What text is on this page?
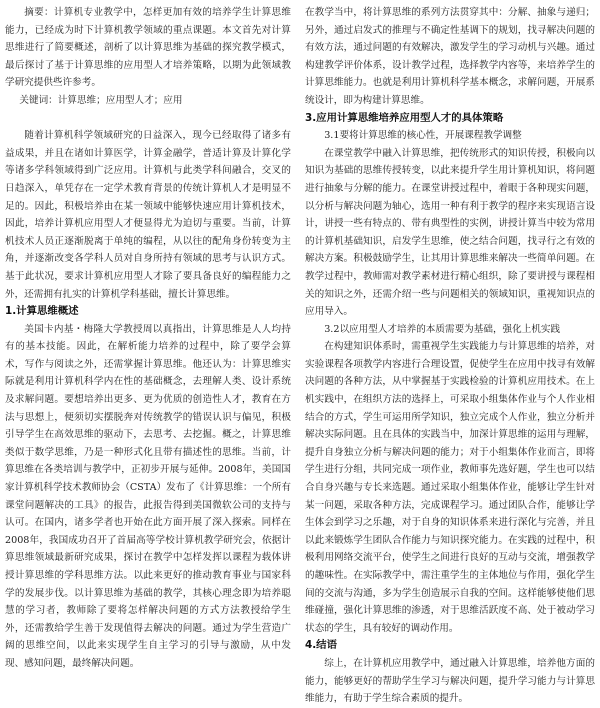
摘要：计算机专业教学中，怎样更加有效的培养学生计算思维能力，已经成为时下计算机教学领域的重点课题。本文首先对计算思维进行了简要概述，剖析了以计算思维为基础的探究教学模式，最后探讨了基于计算思维的应用型人才培养策略，以期为此领域教学研究提供些许参考。

关键词：计算思维；应用型人才；应用

随着计算机科学领域研究的日益深入，现今已经取得了诸多有益成果，并且在诸如计算医学，计算金融学，普适计算及计算化学等诸多学科领域得到广泛应用。计算机与此类学科间融合，交叉的日趋深入，单凭存在一定学术教育背景的传统计算机人才是明显不足的。因此，积极培养由在某一领域中能够快速应用计算机技术，因此，培养计算机应用型人才便显得尤为迫切与重要。当前，计算机技术人员正逐渐脱离于单纯的编程，从以往的配角身份转变为主角，并逐渐改变各学科人员对自身所持有领域的思考与认识方式。基于此状况，要求计算机应用型人才除了要具备良好的编程能力之外，还需拥有扎实的计算机学科基础，擅长计算思维。

1.计算思维概述

美国卡内基・梅隆大学教授周以真指出，计算思维是人人均持有的基本技能。因此，在解析能力培养的过程中，除了要学会算术，写作与阅读之外，还需掌握计算思维。他还认为：计算思维实际就是利用计算机科学内在性的基础概念，去理解人类、设计系统及求解问题。要想培养出更多、更为优质的创造性人才，教育在方法与思想上，便须切实摆脱奔对传统教学的错误认识与偏见，积极引导学生在高效思维的驱动下，去思考、去挖掘。概之，计算思维类似于数学思维，乃是一种形式化且带有描述性的思维。当前，计算思维在各类培训与教学中，正初步开展与延伸。2008年，美国国家计算机科学技术教师协会（CSTA）发布了《计算思维：一个所有课堂问题解决的工具》的报告，此报告得到美国微软公司的支持与认可。在国内，诸多学者也开始在此方面开展了深入探索。同样在2008年，我国成功召开了首届高等学校计算机教学研究会，依据计算思维领域最新研究成果，探讨在教学中怎样发挥以课程为载体讲授计算思维的学科思维方法。以此来更好的推动教育事业与国家科学的发展步伐。以计算思维为基础的教学，其核心理念即为培养聪慧的学习者，教师除了要将怎样解决问题的方式方法教授给学生外，还需教给学生善于发现值得去解决的问题。通过为学生营造广阔的思维空间，以此来实现学生自主学习的引导与激励，从中发现、感知问题，最终解决问题。

在教学当中，将计算思维的系列方法贯穿其中：分解、抽象与递归；另外，通过启发式的推理与不确定性基调下的规划，找寻解决问题的有效方法，通过问题的有效解决，激发学生的学习动机与兴趣。通过构建教学评价体系，设计教学过程，选择教学内容等，来培养学生的计算思维能力。也就是利用计算机科学基本概念，求解问题，开展系统设计，即为构建计算思维。

3.应用计算思维培养应用型人才的具体策略

3.1要将计算思维的核心性，开展课程教学调整

在课堂教学中融入计算思维，把传统形式的知识传授，积极向以知识为基础的思维传授转变，以此来提升学生用计算机知识，将问题进行抽象与分解的能力。在课堂讲授过程中，着眼于各种现实问题，以分析与解决问题为轴心，选用一种有利于教学的程序来实现语言设计，讲授一些有特点的、带有典型性的实例，讲授计算当中较为常用的计算机基础知识，启发学生思维，使之结合问题，找寻行之有效的解决方案。积极鼓励学生，让其用计算思维来解决一些简单问题。在教学过程中，教师需对教学素材进行精心组织，除了要讲授与课程相关的知识之外，还需介绍一些与问题相关的领域知识，重视知识点的应用导入。

3.2以应用型人才培养的本质需要为基础，强化上机实践

在构建知识体系时，需重视学生实践能力与计算思维的培养，对实验课程各项教学内容进行合理设置，促使学生在应用中找寻有效解决问题的各种方法，从中掌握基于实践检验的计算机应用技术。在上机实践中，在组织方法的选择上，可采取小组集体作业与个人作业相结合的方式，学生可运用所学知识，独立完成个人作业，独立分析并解决实际问题。且在具体的实践当中，加深计算思维的运用与理解，提升自身独立分析与解决问题的能力；对于小组集体作业而言，即将学生进行分组，共同完成一项作业，教师事先选好题，学生也可以结合自身兴趣与专长来选题。通过采取小组集体作业，能够让学生针对某一问题，采取各种方法，完成课程学习。通过团队合作，能够让学生体会到学习之乐趣，对于自身的知识体系来进行深化与完善，并且以此来锻炼学生团队合作能力与知识探究能力。在实践的过程中，积极利用网络交流平台，使学生之间进行良好的互动与交流，增强教学的趣味性。在实际教学中，需注重学生的主体地位与作用，强化学生间的交流与沟通，多为学生创造展示自我的空间。这样能够使他们思维碰撞，强化计算思维的渗透，对于思维活跃度不高、处于被动学习状态的学生，具有较好的调动作用。

4.结语

综上，在计算机应用教学中，通过融入计算思维，培养他方面的能力，能够更好的帮助学生学习与解决问题，提升学习能力与计算思维能力，有助于学生综合素质的提升。
